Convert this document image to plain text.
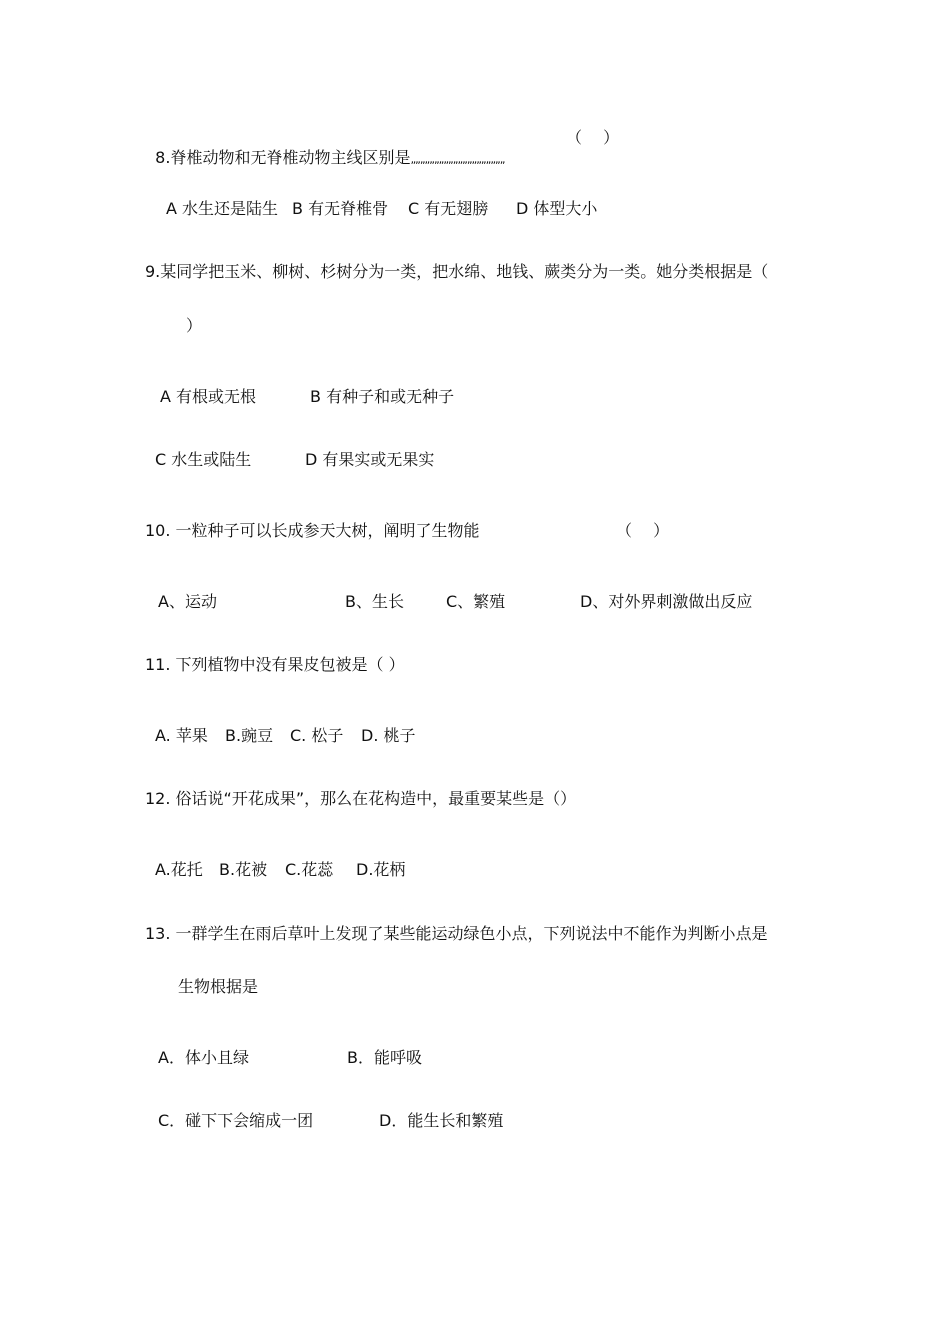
8.脊椎动物和无脊椎动物主线区别是„„„„„„„„„„„„„„„„„„„„

（　 ）
A 水生还是陆生 B 有无脊椎骨 C 有无翅膀 D 体型大小
9.某同学把玉米、柳树、杉树分为一类，把水绵、地钱、蕨类分为一类。她分类根据是（
）
A 有根或无根	B 有种子和或无种子
C 水生或陆生	D 有果实或无果实
10. 一粒种子可以长成参天大树，阐明了生物能	（　 ）
A、运动	B、生长	C、繁殖	D、对外界刺激做出反应
11. 下列植物中没有果皮包被是（ ）
A. 苹果 B.豌豆 C. 松子 D. 桃子
12. 俗话说“开花成果”，那么在花构造中，最重要某些是（）
A.花托 B.花被 C.花蕊 D.花柄
13. 一群学生在雨后草叶上发现了某些能运动绿色小点，下列说法中不能作为判断小点是
生物根据是
A．体小且绿	B．能呼吸
C．碰下下会缩成一团	D．能生长和繁殖
